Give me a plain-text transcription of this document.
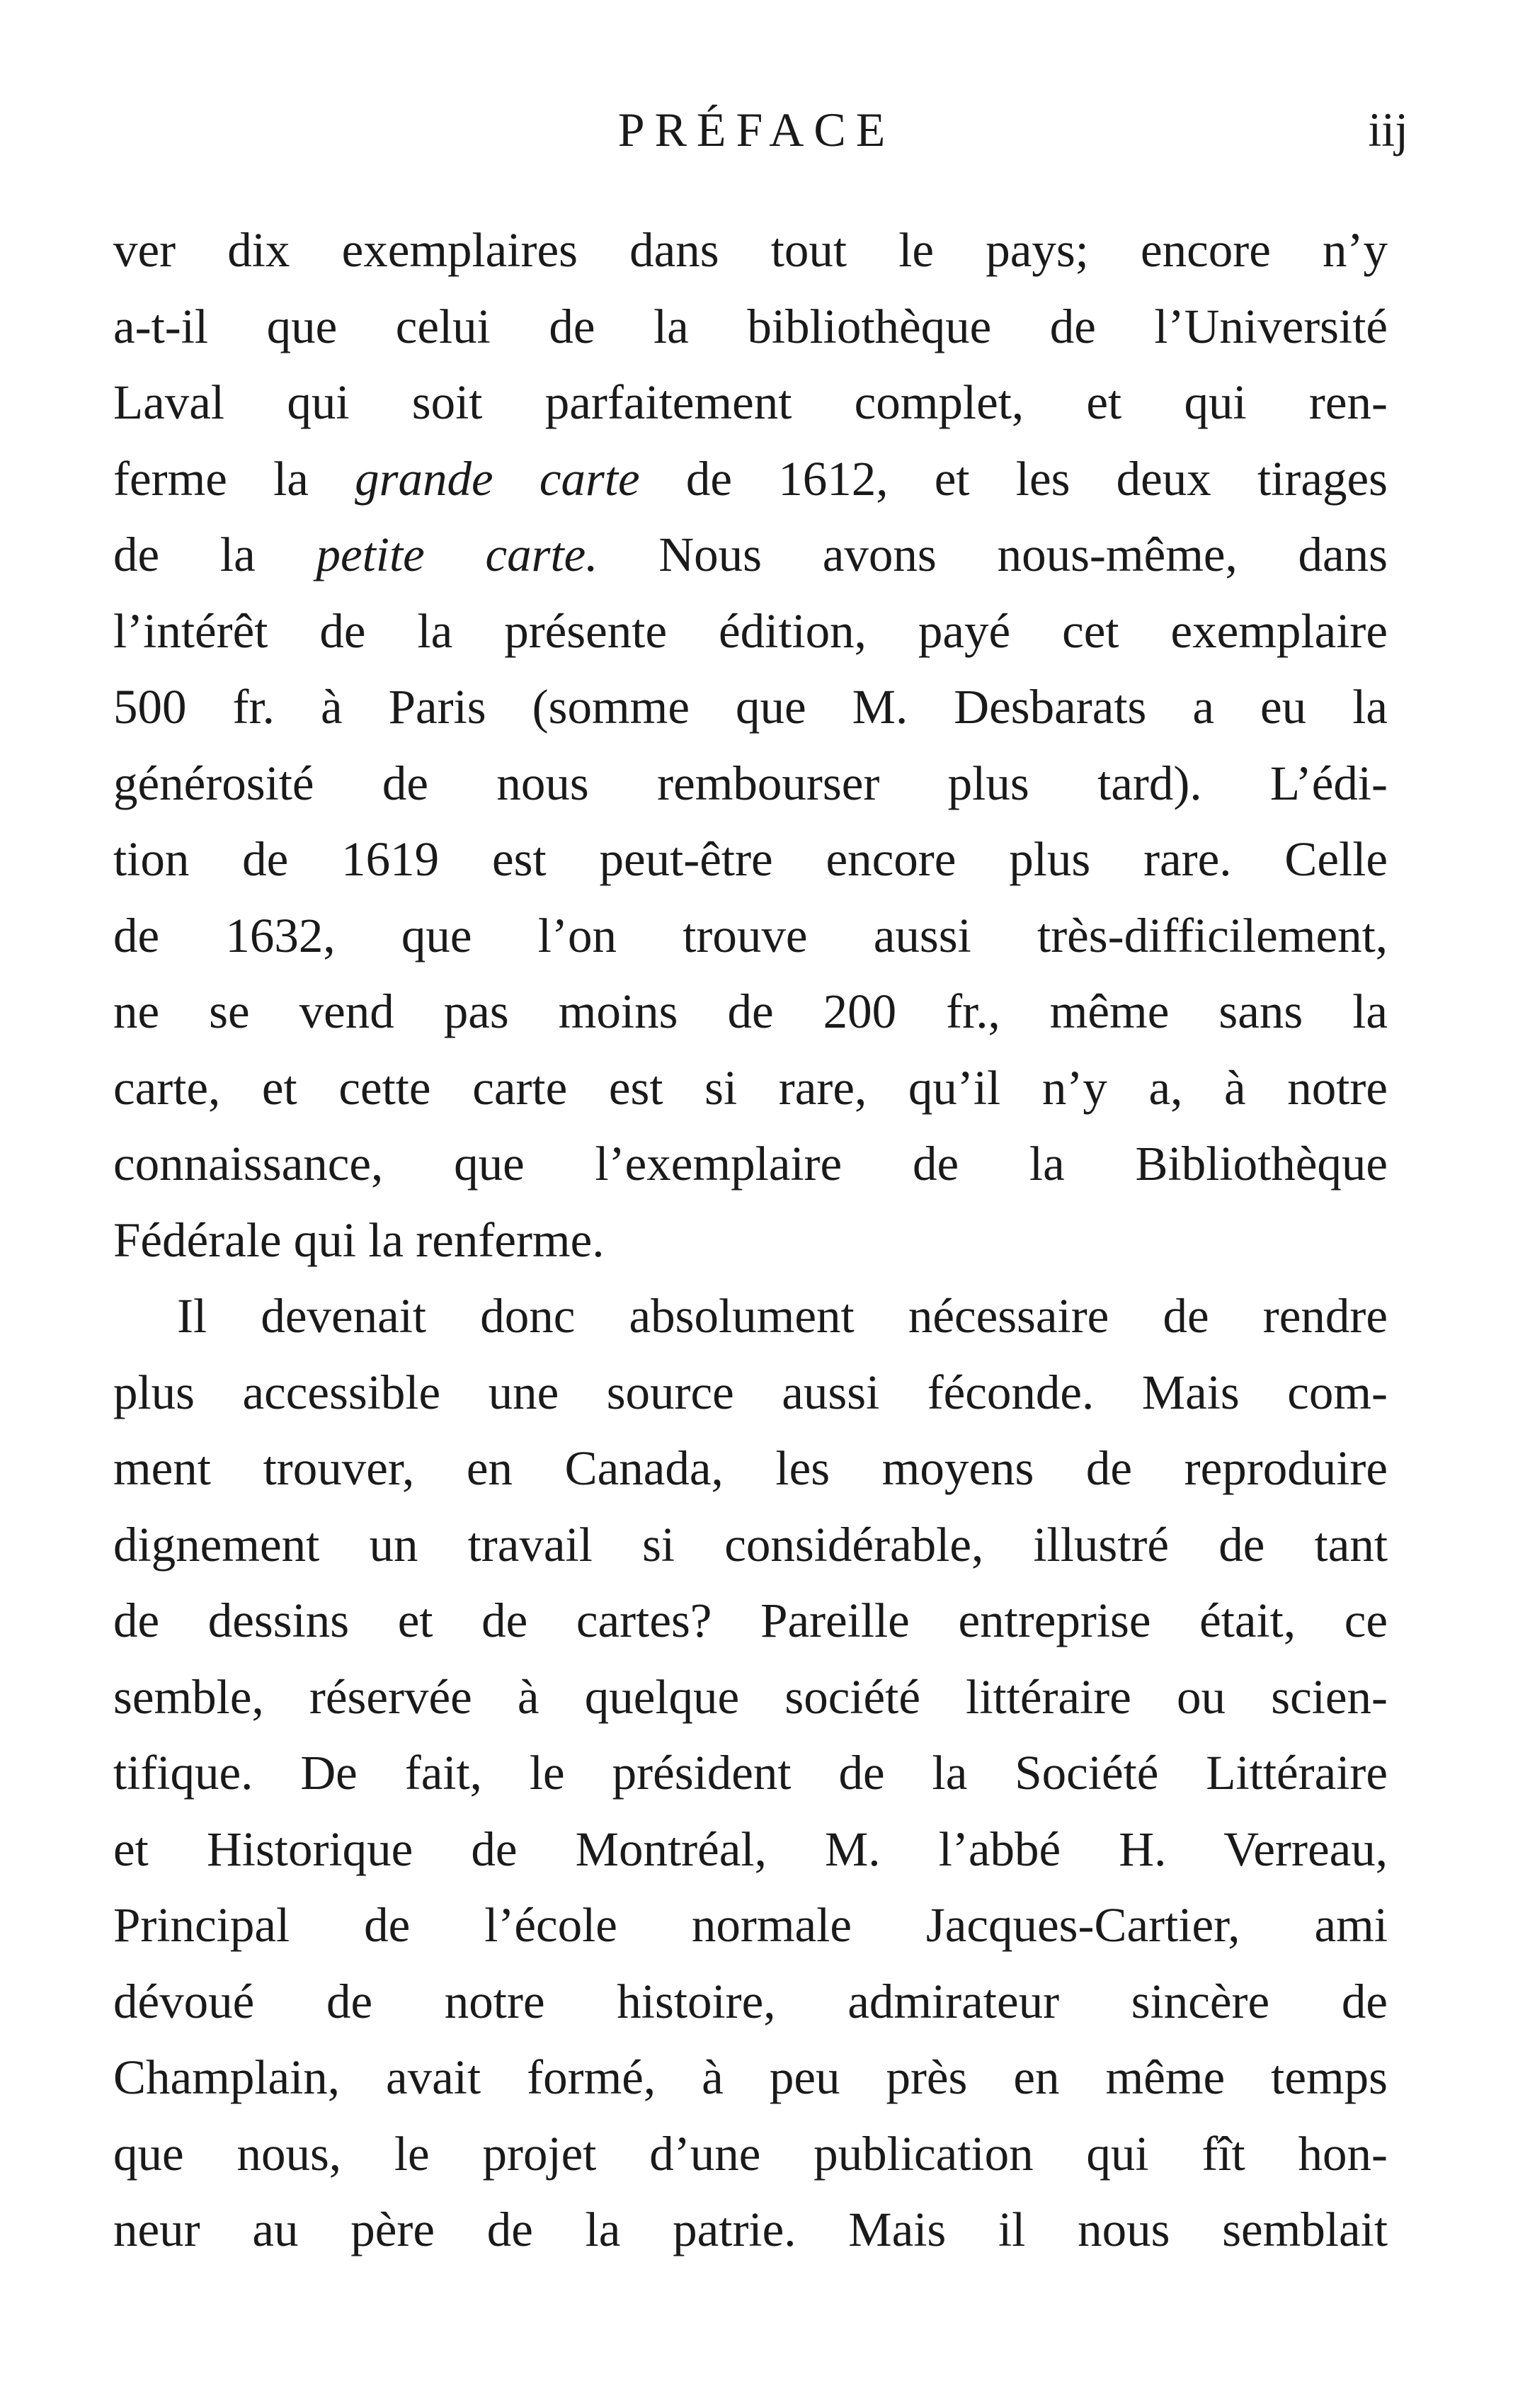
PRÉFACE	iij
ver dix exemplaires dans tout le pays; encore n’y
a-t-il que celui de la bibliothèque de l’Université
Laval qui soit parfaitement complet, et qui ren-
ferme la grande carte de 1612, et les deux tirages
de la petite carte. Nous avons nous-même, dans
l’intérêt de la présente édition, payé cet exemplaire
500 fr. à Paris (somme que M. Desbarats a eu la
générosité de nous rembourser plus tard). L’édi-
tion de 1619 est peut-être encore plus rare. Celle
de 1632, que l’on trouve aussi très-difficilement,
ne se vend pas moins de 200 fr., même sans la
carte, et cette carte est si rare, qu’il n’y a, à notre
connaissance, que l’exemplaire de la Bibliothèque
Fédérale qui la renferme.
Il devenait donc absolument nécessaire de rendre
plus accessible une source aussi féconde. Mais com-
ment trouver, en Canada, les moyens de reproduire
dignement un travail si considérable, illustré de tant
de dessins et de cartes? Pareille entreprise était, ce
semble, réservée à quelque société littéraire ou scien-
tifique. De fait, le président de la Société Littéraire
et Historique de Montréal, M. l’abbé H. Verreau,
Principal de l’école normale Jacques-Cartier, ami
dévoué de notre histoire, admirateur sincère de
Champlain, avait formé, à peu près en même temps
que nous, le projet d’une publication qui fît hon-
neur au père de la patrie. Mais il nous semblait
